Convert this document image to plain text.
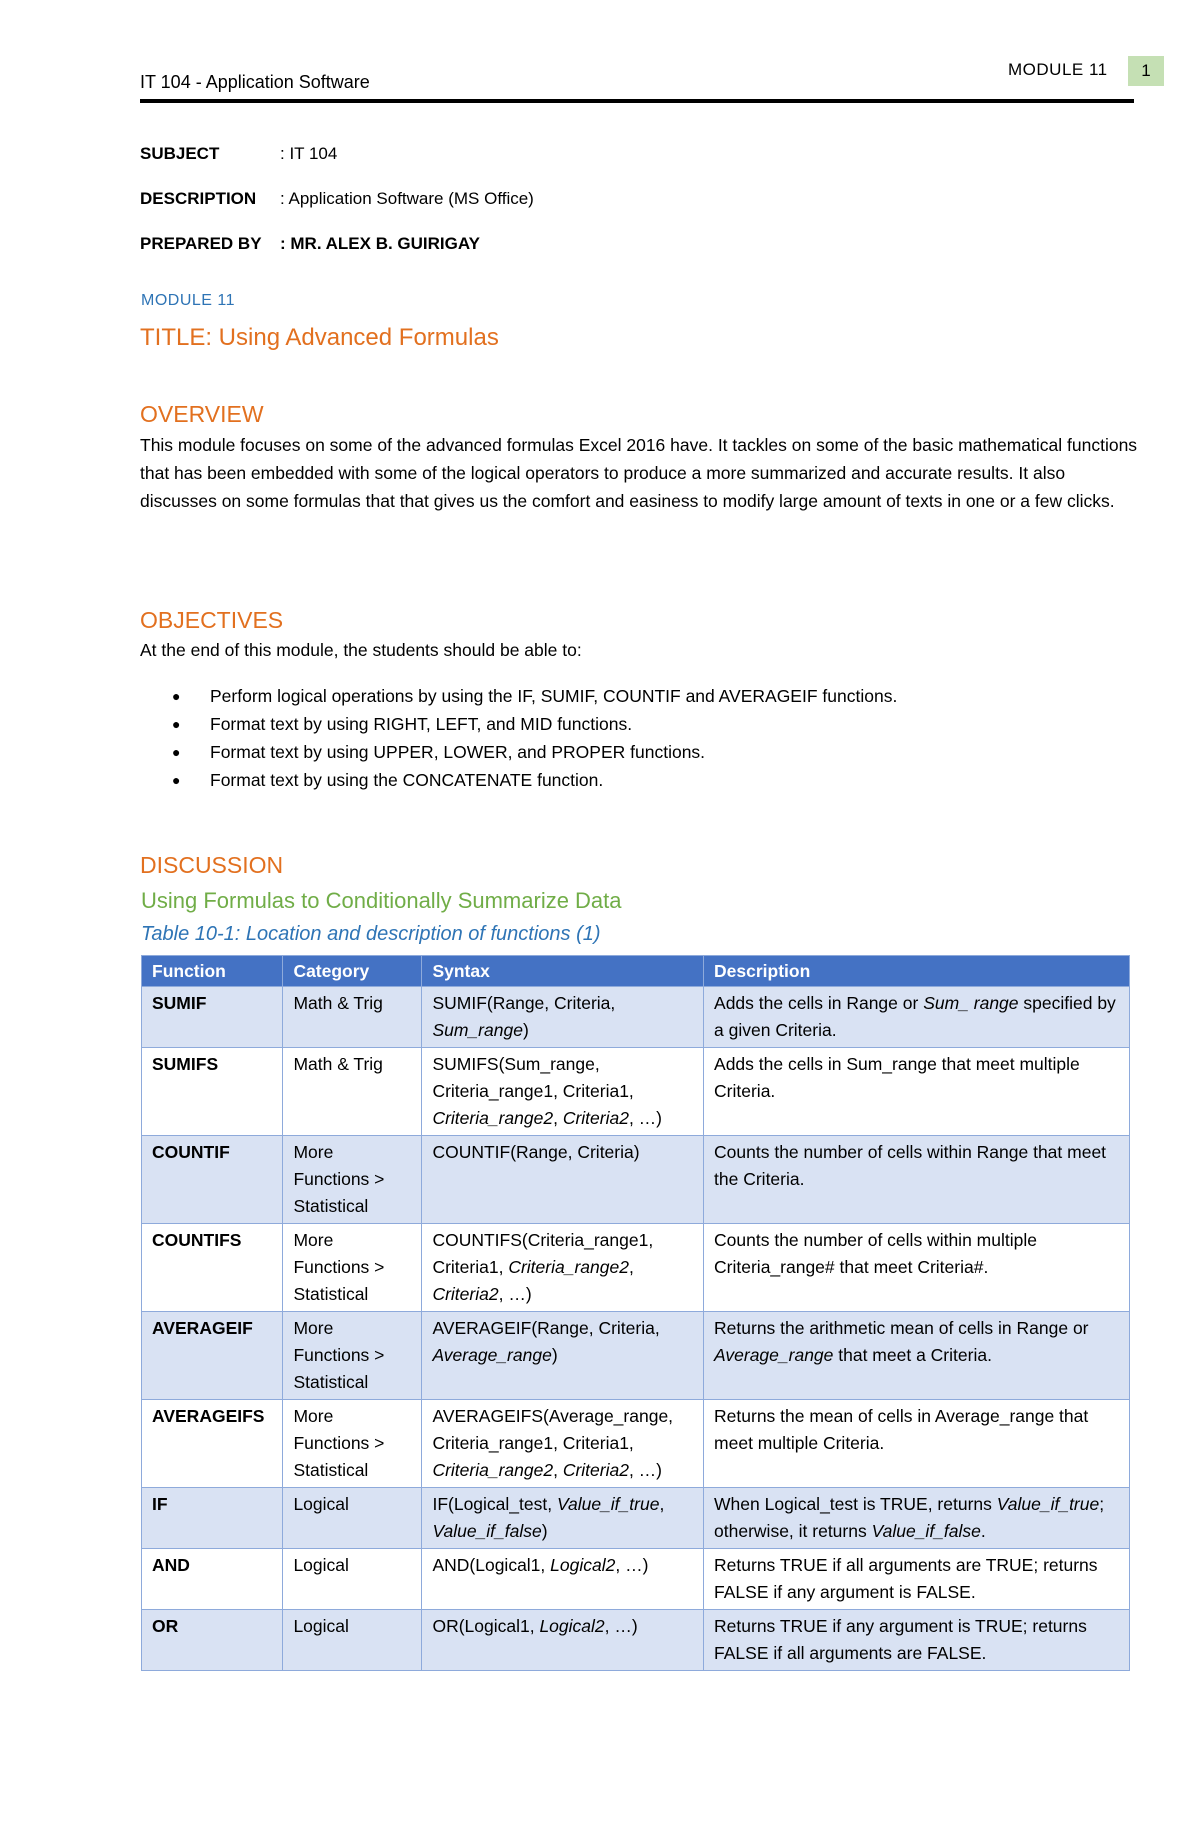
IT 104 - Application Software
MODULE 11	1
SUBJECT	: IT 104
DESCRIPTION	: Application Software (MS Office)
PREPARED BY	: MR. ALEX B. GUIRIGAY
MODULE 11
TITLE: Using Advanced Formulas
OVERVIEW
This module focuses on some of the advanced formulas Excel 2016 have. It tackles on some of the basic mathematical functions that has been embedded with some of the logical operators to produce a more summarized and accurate results. It also discusses on some formulas that that gives us the comfort and easiness to modify large amount of texts in one or a few clicks.
OBJECTIVES
At the end of this module, the students should be able to:
●	Perform logical operations by using the IF, SUMIF, COUNTIF and AVERAGEIF functions.
●	Format text by using RIGHT, LEFT, and MID functions.
●	Format text by using UPPER, LOWER, and PROPER functions.
●	Format text by using the CONCATENATE function.
DISCUSSION
Using Formulas to Conditionally Summarize Data
Table 10-1: Location and description of functions (1)
Function	Category	Syntax	Description
SUMIF	Math & Trig	SUMIF(Range, Criteria, Sum_range)	Adds the cells in Range or Sum_ range specified by a given Criteria.
SUMIFS	Math & Trig	SUMIFS(Sum_range, Criteria_range1, Criteria1, Criteria_range2, Criteria2, …)	Adds the cells in Sum_range that meet multiple Criteria.
COUNTIF	More Functions > Statistical	COUNTIF(Range, Criteria)	Counts the number of cells within Range that meet the Criteria.
COUNTIFS	More Functions > Statistical	COUNTIFS(Criteria_range1, Criteria1, Criteria_range2, Criteria2, …)	Counts the number of cells within multiple Criteria_range# that meet Criteria#.
AVERAGEIF	More Functions > Statistical	AVERAGEIF(Range, Criteria, Average_range)	Returns the arithmetic mean of cells in Range or Average_range that meet a Criteria.
AVERAGEIFS	More Functions > Statistical	AVERAGEIFS(Average_range, Criteria_range1, Criteria1, Criteria_range2, Criteria2, …)	Returns the mean of cells in Average_range that meet multiple Criteria.
IF	Logical	IF(Logical_test, Value_if_true, Value_if_false)	When Logical_test is TRUE, returns Value_if_true; otherwise, it returns Value_if_false.
AND	Logical	AND(Logical1, Logical2, …)	Returns TRUE if all arguments are TRUE; returns FALSE if any argument is FALSE.
OR	Logical	OR(Logical1, Logical2, …)	Returns TRUE if any argument is TRUE; returns FALSE if all arguments are FALSE.
